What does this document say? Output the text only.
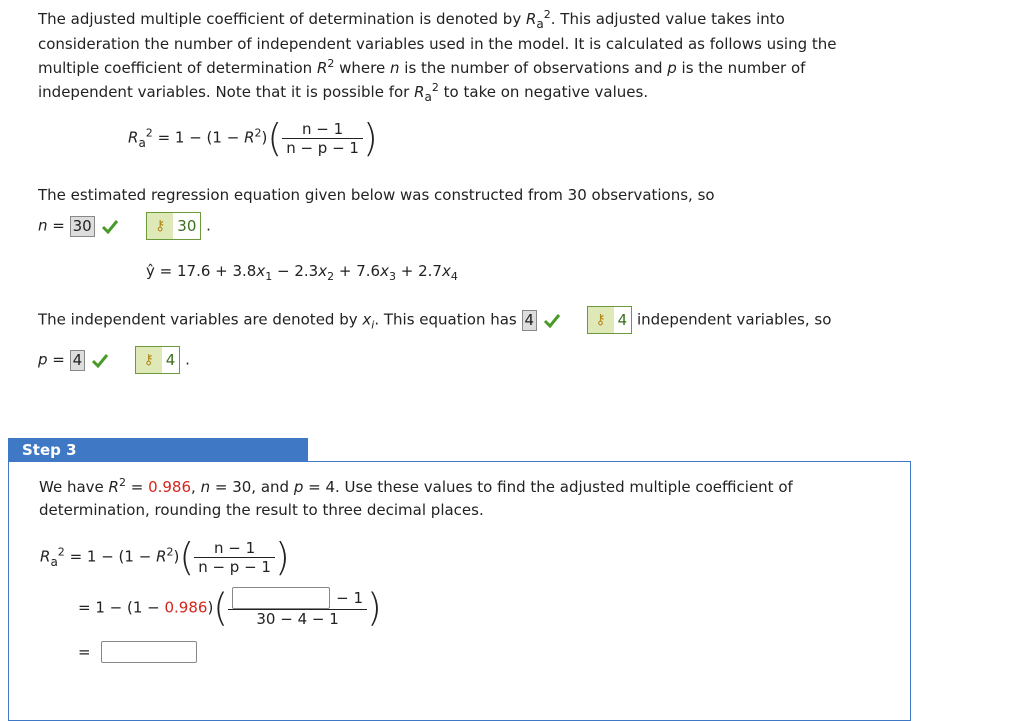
The adjusted multiple coefficient of determination is denoted by $R_a^2$. This adjusted value takes into
consideration the number of independent variables used in the model. It is calculated as follows using the
multiple coefficient of determination $R^2$ where n is the number of observations and p is the number of
independent variables. Note that it is possible for $R_a^2$ to take on negative values.
$R_a^2 = 1 - (1 - R^2)( \frac{n - 1}{n - p - 1}$ )
The estimated regression equation given below was constructed from 30 observations, so
n = 30	⚷ 30 .
ŷ = $17.6 + 3.8x_1 - 2.3x_2 + 7.6x_3 + 2.7x_4$
The independent variables are denoted by $x_i$. This equation has 4	⚷ 4 independent variables, so
p = 4	⚷ 4 .
Step 3
We have $R^2 = 0.986$, n = 30, and p = 4. Use these values to find the adjusted multiple coefficient of
determination, rounding the result to three decimal places.
$R_a^2 = 1 - (1 - R^2)( \frac{n - 1}{n - p - 1}$ )
= $1 - (1 - 0.986)( \frac{- 1}{30 - 4 - 1}$ )
=
